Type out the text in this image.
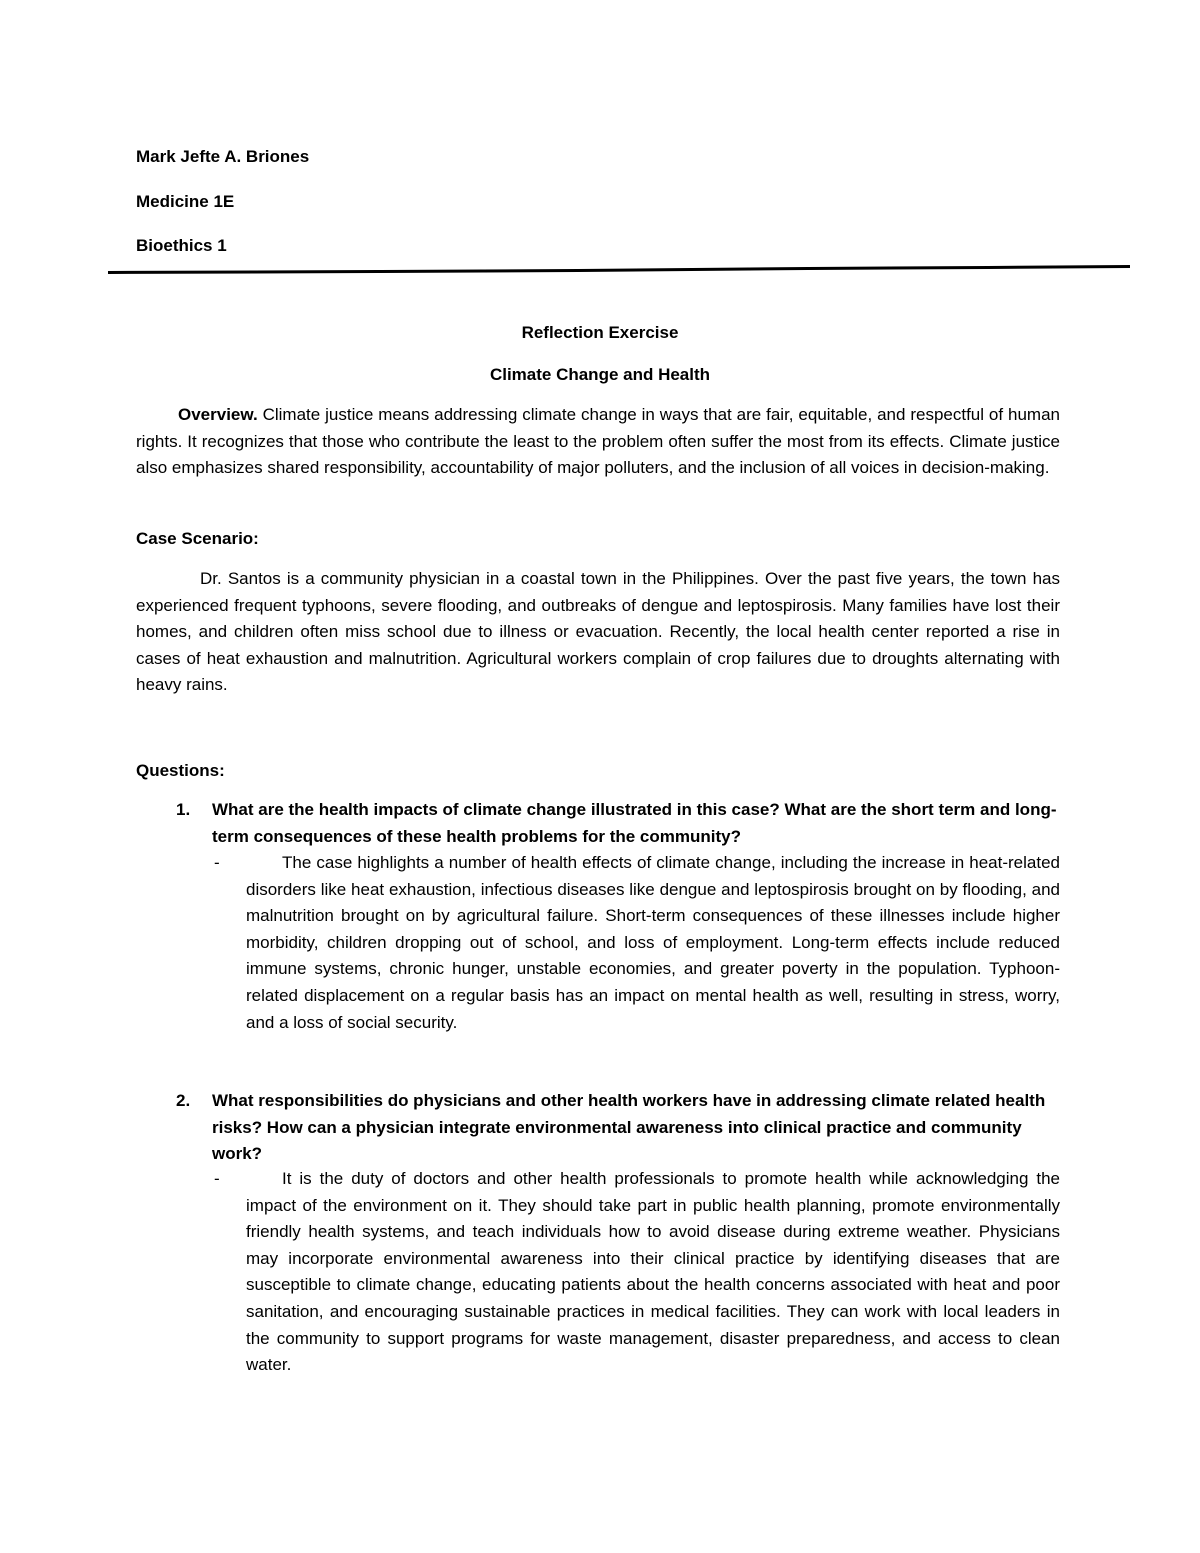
Mark Jefte A. Briones
Medicine 1E
Bioethics 1
Reflection Exercise
Climate Change and Health
Overview. Climate justice means addressing climate change in ways that are fair, equitable, and respectful of human rights. It recognizes that those who contribute the least to the problem often suffer the most from its effects. Climate justice also emphasizes shared responsibility, accountability of major polluters, and the inclusion of all voices in decision-making.
Case Scenario:
Dr. Santos is a community physician in a coastal town in the Philippines. Over the past five years, the town has experienced frequent typhoons, severe flooding, and outbreaks of dengue and leptospirosis. Many families have lost their homes, and children often miss school due to illness or evacuation. Recently, the local health center reported a rise in cases of heat exhaustion and malnutrition. Agricultural workers complain of crop failures due to droughts alternating with heavy rains.
Questions:
1. What are the health impacts of climate change illustrated in this case? What are the short term and long-term consequences of these health problems for the community?
-	The case highlights a number of health effects of climate change, including the increase in heat-related disorders like heat exhaustion, infectious diseases like dengue and leptospirosis brought on by flooding, and malnutrition brought on by agricultural failure. Short-term consequences of these illnesses include higher morbidity, children dropping out of school, and loss of employment. Long-term effects include reduced immune systems, chronic hunger, unstable economies, and greater poverty in the population. Typhoon-related displacement on a regular basis has an impact on mental health as well, resulting in stress, worry, and a loss of social security.
2. What responsibilities do physicians and other health workers have in addressing climate related health risks? How can a physician integrate environmental awareness into clinical practice and community work?
-	It is the duty of doctors and other health professionals to promote health while acknowledging the impact of the environment on it. They should take part in public health planning, promote environmentally friendly health systems, and teach individuals how to avoid disease during extreme weather. Physicians may incorporate environmental awareness into their clinical practice by identifying diseases that are susceptible to climate change, educating patients about the health concerns associated with heat and poor sanitation, and encouraging sustainable practices in medical facilities. They can work with local leaders in the community to support programs for waste management, disaster preparedness, and access to clean water.
